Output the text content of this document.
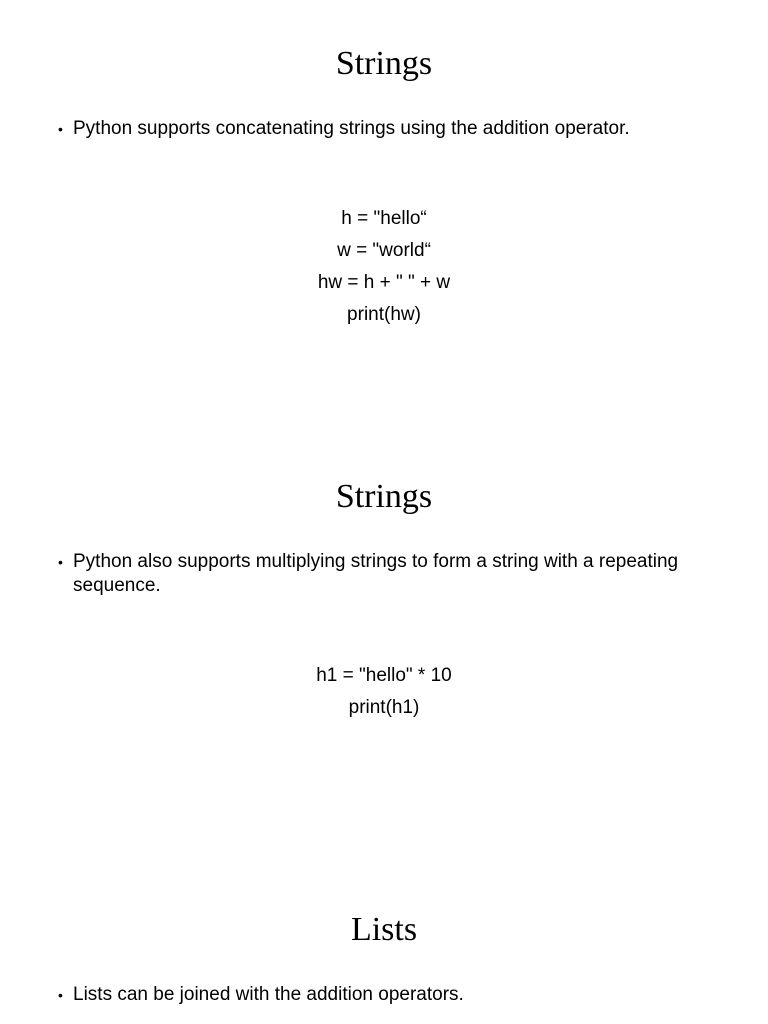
Strings
• Python supports concatenating strings using the addition operator.
h = "hello“
w = "world“
hw = h + " " + w
print(hw)
Strings
• Python also supports multiplying strings to form a string with a repeating sequence.
h1 = "hello" * 10
print(h1)
Lists
• Lists can be joined with the addition operators.
